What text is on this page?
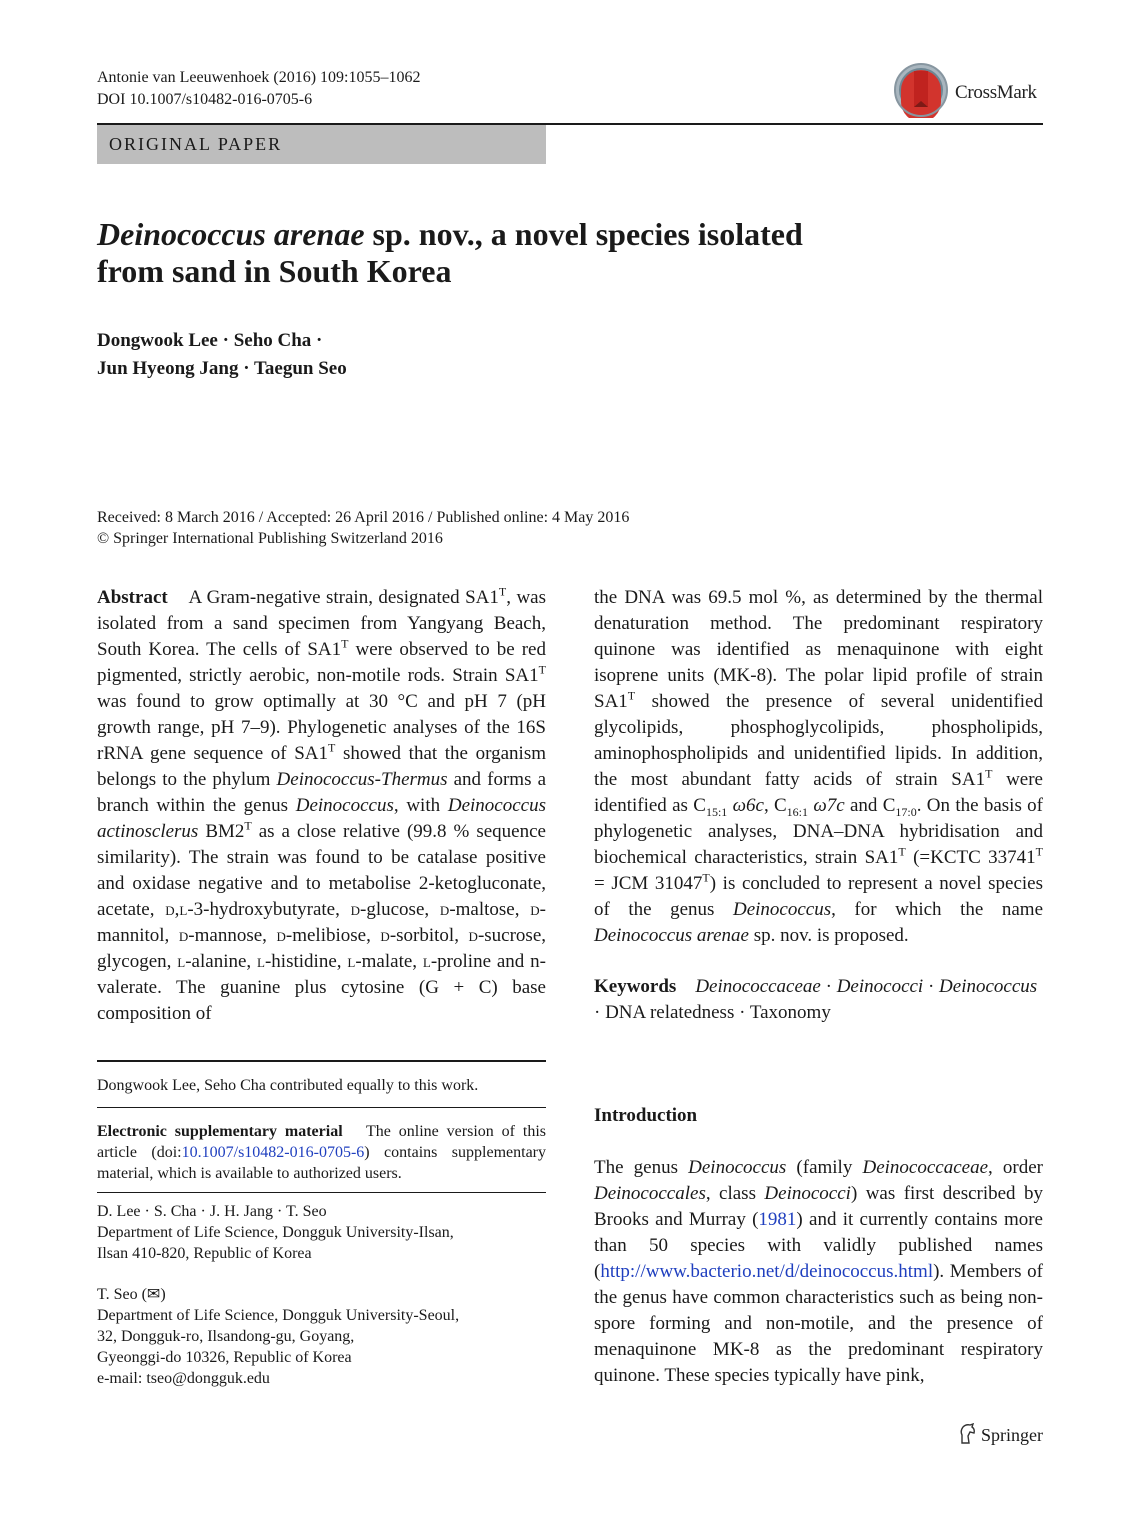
Antonie van Leeuwenhoek (2016) 109:1055–1062
DOI 10.1007/s10482-016-0705-6	CrossMark
ORIGINAL PAPER
Deinococcus arenae sp. nov., a novel species isolated
from sand in South Korea
Dongwook Lee · Seho Cha ·
Jun Hyeong Jang · Taegun Seo
Received: 8 March 2016 / Accepted: 26 April 2016 / Published online: 4 May 2016
© Springer International Publishing Switzerland 2016
Abstract A Gram-negative strain, designated $SA1^T$, was isolated from a sand specimen from Yangyang Beach, South Korea. The cells of $SA1^T$ were observed to be red pigmented, strictly aerobic, non-motile rods. Strain $SA1^T$ was found to grow optimally at 30 °C and pH 7 (pH growth range, pH 7–9). Phylogenetic analyses of the 16S rRNA gene sequence of $SA1^T$ showed that the organism belongs to the phylum Deinococcus-Thermus and forms a branch within the genus Deinococcus, with Deinococcus actinosclerus $BM2^T$ as a close relative (99.8 % sequence similarity). The strain was found to be catalase positive and oxidase negative and to metabolise 2-ketogluconate, acetate, d,l-3-hydroxybutyrate, d-glucose, d-maltose, d-mannitol, d-mannose, d-melibiose, d-sorbitol, d-sucrose, glycogen, l-alanine, l-histidine, l-malate, l-proline and n-valerate. The guanine plus cytosine (G + C) base composition of
the DNA was 69.5 mol %, as determined by the thermal denaturation method. The predominant respiratory quinone was identified as menaquinone with eight isoprene units (MK-8). The polar lipid profile of strain $SA1^T$ showed the presence of several unidentified glycolipids, phosphoglycolipids, phospholipids, aminophospholipids and unidentified lipids. In addition, the most abundant fatty acids of strain $SA1^T$ were identified as $C_{15:1}$ ω6c, $C_{16:1}$ ω7c and $C_{17:0}$. On the basis of phylogenetic analyses, DNA–DNA hybridisation and biochemical characteristics, strain $SA1^T$ (=KCTC $33741^T$ = JCM $31047^T$) is concluded to represent a novel species of the genus Deinococcus, for which the name Deinococcus arenae sp. nov. is proposed.
Keywords Deinococcaceae · Deinococci · Deinococcus · DNA relatedness · Taxonomy
Dongwook Lee, Seho Cha contributed equally to this work.
Electronic supplementary material The online version of this article (doi:10.1007/s10482-016-0705-6) contains supplementary material, which is available to authorized users.
D. Lee · S. Cha · J. H. Jang · T. Seo
Department of Life Science, Dongguk University-Ilsan,
Ilsan 410-820, Republic of Korea
T. Seo (✉)
Department of Life Science, Dongguk University-Seoul,
32, Dongguk-ro, Ilsandong-gu, Goyang,
Gyeonggi-do 10326, Republic of Korea
e-mail: tseo@dongguk.edu
Introduction
The genus Deinococcus (family Deinococcaceae, order Deinococcales, class Deinococci) was first described by Brooks and Murray (1981) and it currently contains more than 50 species with validly published names (http://www.bacterio.net/d/deinococcus.html). Members of the genus have common characteristics such as being non-spore forming and non-motile, and the presence of menaquinone MK-8 as the predominant respiratory quinone. These species typically have pink,
Springer
